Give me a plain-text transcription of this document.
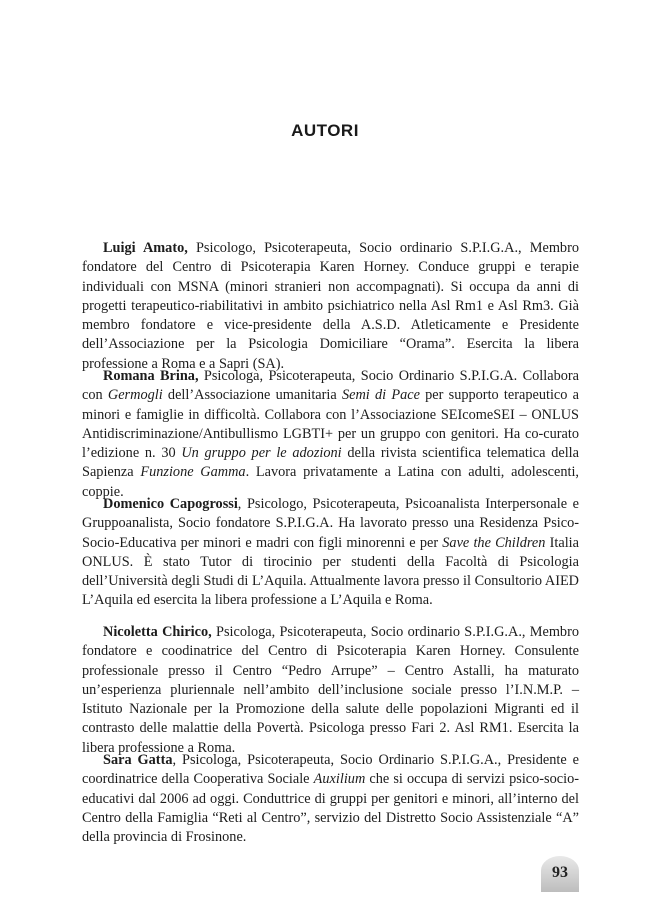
AUTORI

Luigi Amato, Psicologo, Psicoterapeuta, Socio ordinario S.P.I.G.A., Membro fondatore del Centro di Psicoterapia Karen Horney. Conduce gruppi e terapie individuali con MSNA (minori stranieri non accompagnati). Si occupa da anni di progetti terapeutico-riabilitativi in ambito psichiatrico nella Asl Rm1 e Asl Rm3. Già membro fondatore e vice-presidente della A.S.D. Atleticamente e Presidente dell’Associazione per la Psicologia Domiciliare “Orama”. Esercita la libera professione a Roma e a Sapri (SA).

Romana Brina, Psicologa, Psicoterapeuta, Socio Ordinario S.P.I.G.A. Collabora con Germogli dell’Associazione umanitaria Semi di Pace per supporto terapeutico a minori e famiglie in difficoltà. Collabora con l’Associazione SEIcomeSEI – ONLUS Antidiscriminazione/Antibullismo LGBTI+ per un gruppo con genitori. Ha co-curato l’edizione n. 30 Un gruppo per le adozioni della rivista scientifica telematica della Sapienza Funzione Gamma. Lavora privatamente a Latina con adulti, adolescenti, coppie.

Domenico Capogrossi, Psicologo, Psicoterapeuta, Psicoanalista Interpersonale e Gruppoanalista, Socio fondatore S.P.I.G.A. Ha lavorato presso una Residenza Psico-Socio-Educativa per minori e madri con figli minorenni e per Save the Children Italia ONLUS. È stato Tutor di tirocinio per studenti della Facoltà di Psicologia dell’Università degli Studi di L’Aquila. Attualmente lavora presso il Consultorio AIED L’Aquila ed esercita la libera professione a L’Aquila e Roma.

Nicoletta Chirico, Psicologa, Psicoterapeuta, Socio ordinario S.P.I.G.A., Membro fondatore e coodinatrice del Centro di Psicoterapia Karen Horney. Consulente professionale presso il Centro “Pedro Arrupe” – Centro Astalli, ha maturato un’esperienza pluriennale nell’ambito dell’inclusione sociale presso l’I.N.M.P. – Istituto Nazionale per la Promozione della salute delle popolazioni Migranti ed il contrasto delle malattie della Povertà. Psicologa presso Fari 2. Asl RM1. Esercita la libera professione a Roma.

Sara Gatta, Psicologa, Psicoterapeuta, Socio Ordinario S.P.I.G.A., Presidente e coordinatrice della Cooperativa Sociale Auxilium che si occupa di servizi psico-socio-educativi dal 2006 ad oggi. Conduttrice di gruppi per genitori e minori, all’interno del Centro della Famiglia “Reti al Centro”, servizio del Distretto Socio Assistenziale “A” della provincia di Frosinone.

93
